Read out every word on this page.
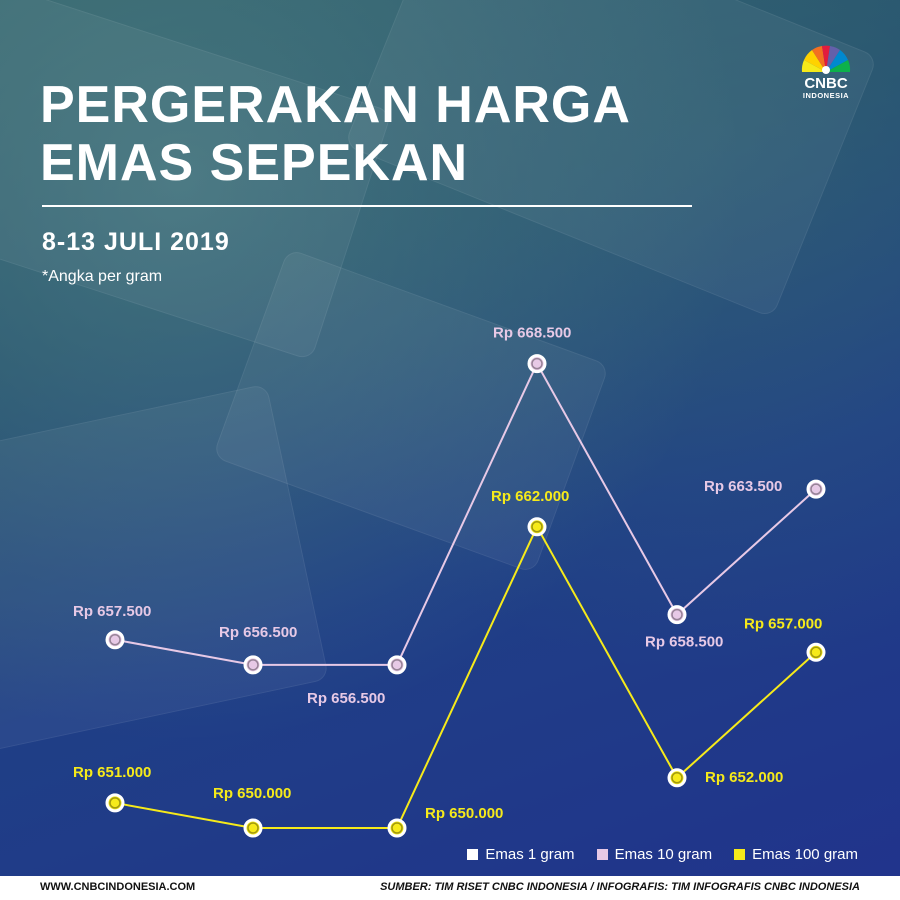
PERGERAKAN HARGA
EMAS SEPEKAN
8-13 JULI 2019
*Angka per gram
CNBC
INDONESIA
Rp 657.500
Rp 656.500
Rp 656.500
Rp 668.500
Rp 658.500
Rp 663.500
Rp 651.000
Rp 650.000
Rp 650.000
Rp 662.000
Rp 652.000
Rp 657.000
Emas 1 gram	Emas 10 gram	Emas 100 gram
WWW.CNBCINDONESIA.COM	SUMBER: TIM RISET CNBC INDONESIA / INFOGRAFIS: TIM INFOGRAFIS CNBC INDONESIA
